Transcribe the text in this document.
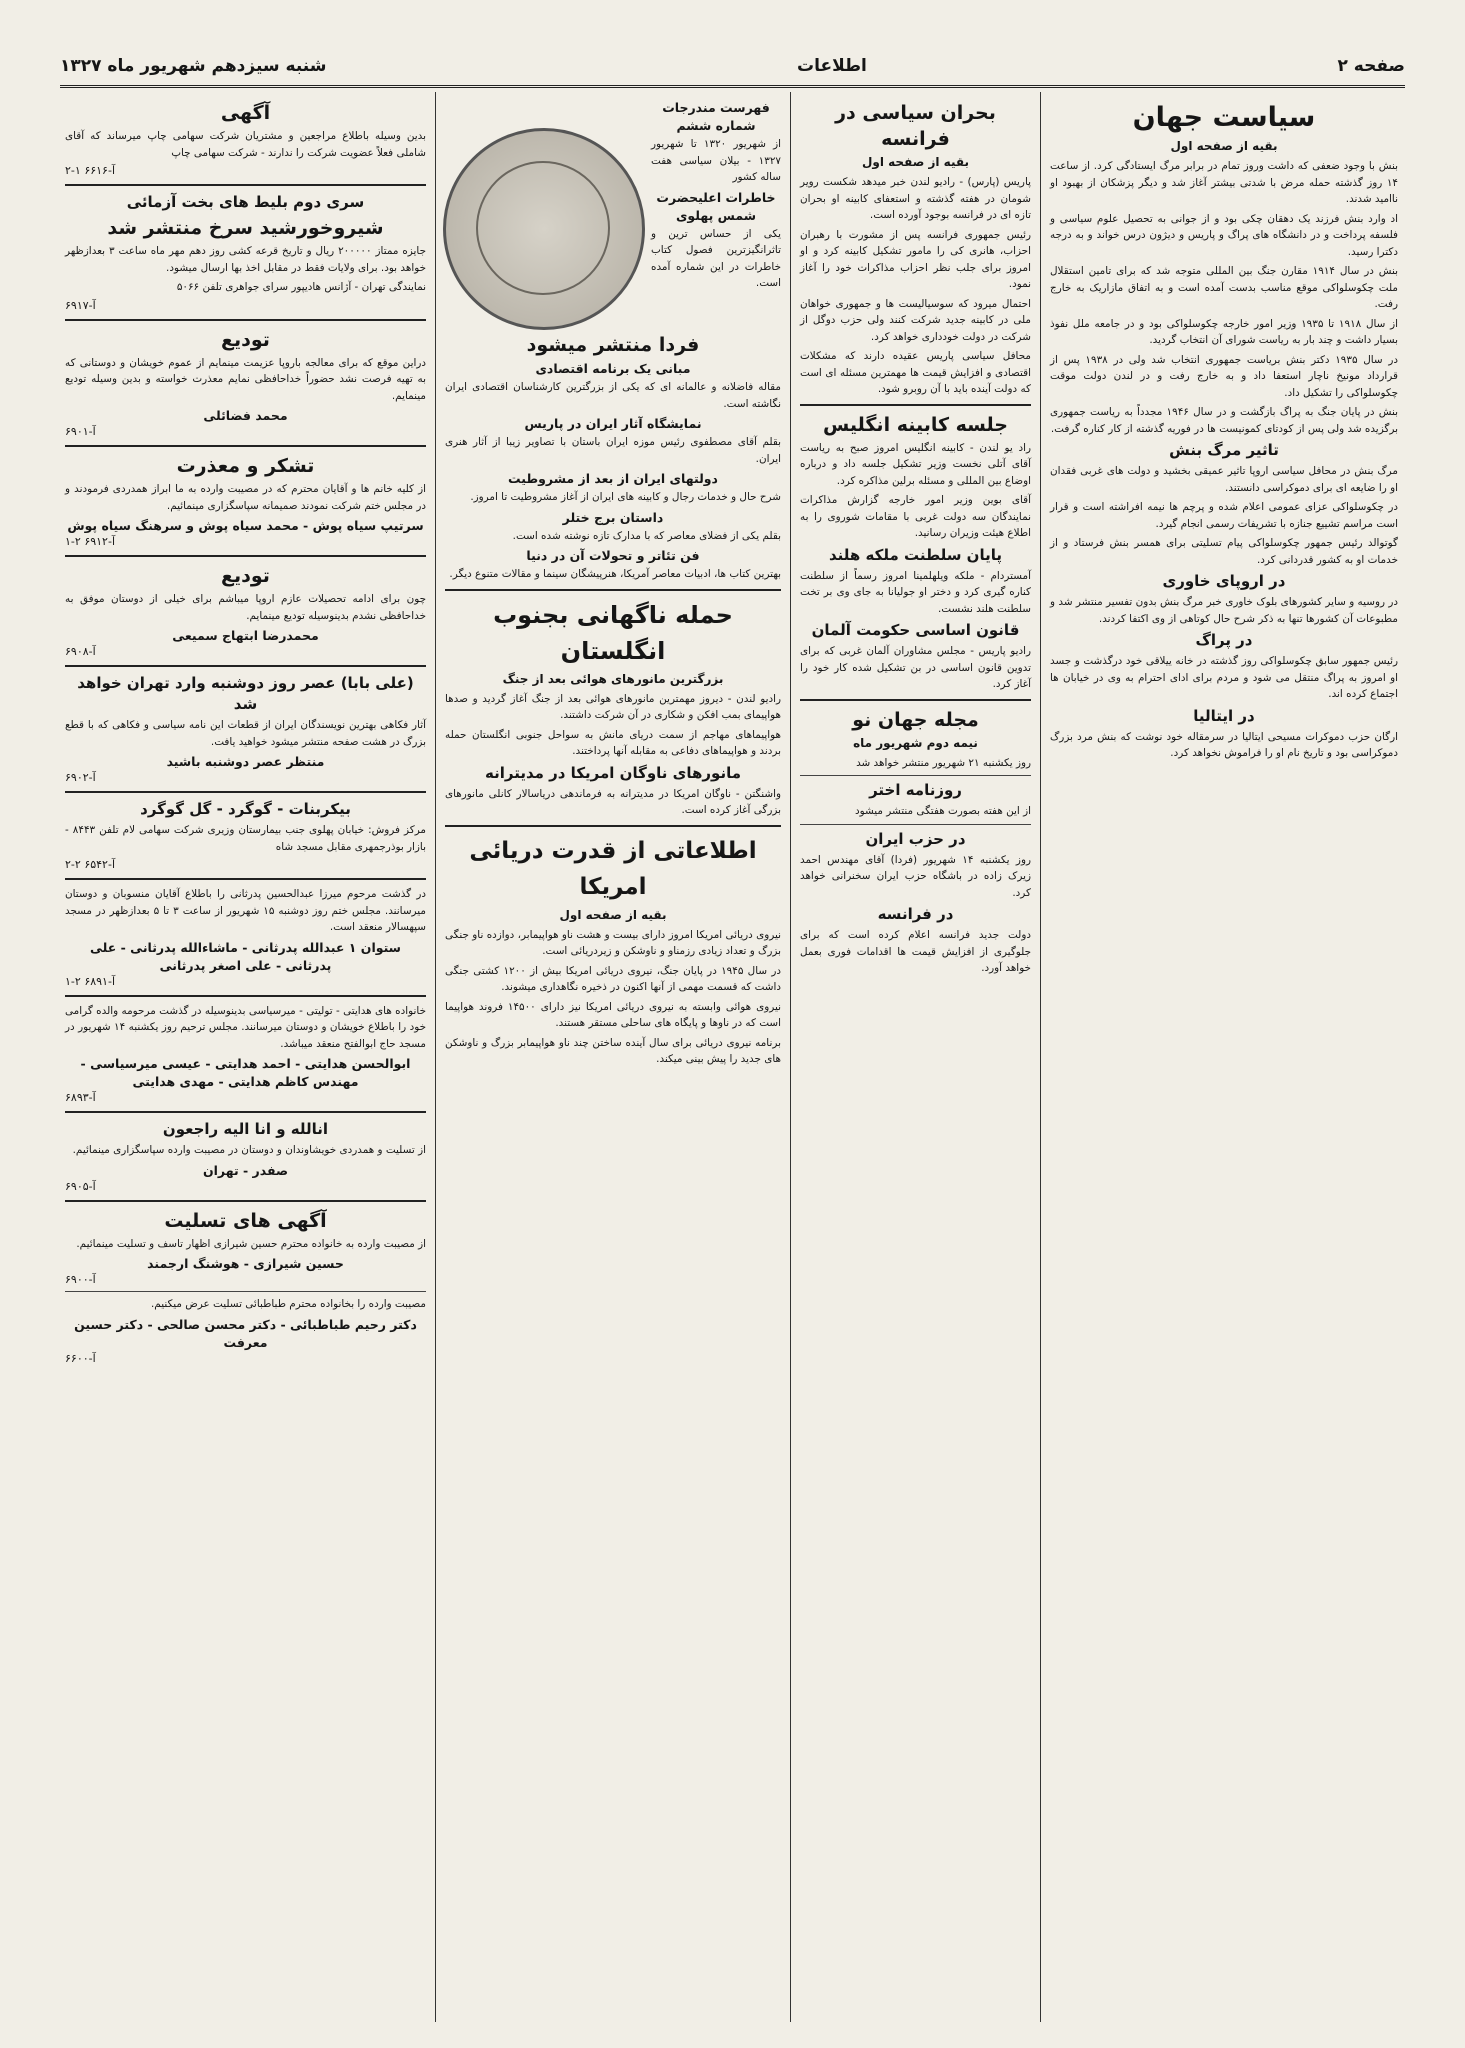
صفحه ۲
اطلاعات
شنبه سیزدهم شهریور ماه ۱۳۲۷
سیاست جهان
بقیه از صفحه اول

بنش با وجود ضعفی که داشت وروز تمام در برابر مرگ ایستادگی کرد. از ساعت ۱۴ روز گذشته حمله مرض با شدتی بیشتر آغاز شد و دیگر پزشکان از بهبود او ناامید شدند.

اد وارد بنش فرزند یک دهقان چکی بود و از جوانی به تحصیل علوم سیاسی و فلسفه پرداخت و در دانشگاه های پراگ و پاریس و دیژون درس خواند و به درجه دکترا رسید.

بنش در سال ۱۹۱۴ مقارن جنگ بین المللی متوجه شد که برای تامین استقلال ملت چکوسلواکی موقع مناسب بدست آمده است و به اتفاق مازاریک به خارج رفت.

از سال ۱۹۱۸ تا ۱۹۳۵ وزیر امور خارجه چکوسلواکی بود و در جامعه ملل نفوذ بسیار داشت و چند بار به ریاست شورای آن انتخاب گردید.

در سال ۱۹۳۵ دکتر بنش بریاست جمهوری انتخاب شد ولی در ۱۹۳۸ پس از قرارداد مونیخ ناچار استعفا داد و به خارج رفت و در لندن دولت موقت چکوسلواکی را تشکیل داد.

بنش در پایان جنگ به پراگ بازگشت و در سال ۱۹۴۶ مجدداً به ریاست جمهوری برگزیده شد ولی پس از کودتای کمونیست ها در فوریه گذشته از کار کناره گرفت.

تاثیر مرگ بنش

مرگ بنش در محافل سیاسی اروپا تاثیر عمیقی بخشید و دولت های غربی فقدان او را ضایعه ای برای دموکراسی دانستند.

در چکوسلواکی عزای عمومی اعلام شده و پرچم ها نیمه افراشته است و قرار است مراسم تشییع جنازه با تشریفات رسمی انجام گیرد.

گوتوالد رئیس جمهور چکوسلواکی پیام تسلیتی برای همسر بنش فرستاد و از خدمات او به کشور قدردانی کرد.

در اروپای خاوری

در روسیه و سایر کشورهای بلوک خاوری خبر مرگ بنش بدون تفسیر منتشر شد و مطبوعات آن کشورها تنها به ذکر شرح حال کوتاهی از وی اکتفا کردند.

در پراگ

رئیس جمهور سابق چکوسلواکی روز گذشته در خانه ییلاقی خود درگذشت و جسد او امروز به پراگ منتقل می شود و مردم برای ادای احترام به وی در خیابان ها اجتماع کرده اند.

در ایتالیا

ارگان حزب دموکرات مسیحی ایتالیا در سرمقاله خود نوشت که بنش مرد بزرگ دموکراسی بود و تاریخ نام او را فراموش نخواهد کرد.

بحران سیاسی در فرانسه
بقیه از صفحه اول

پاریس (پارس) - رادیو لندن خبر میدهد شکست رویر شومان در هفته گذشته و استعفای کابینه او بحران تازه ای در فرانسه بوجود آورده است.

رئیس جمهوری فرانسه پس از مشورت با رهبران احزاب، هانری کی را مامور تشکیل کابینه کرد و او امروز برای جلب نظر احزاب مذاکرات خود را آغاز نمود.

احتمال میرود که سوسیالیست ها و جمهوری خواهان ملی در کابینه جدید شرکت کنند ولی حزب دوگل از شرکت در دولت خودداری خواهد کرد.

محافل سیاسی پاریس عقیده دارند که مشکلات اقتصادی و افزایش قیمت ها مهمترین مسئله ای است که دولت آینده باید با آن روبرو شود.

جلسه کابینه انگلیس

راد یو لندن - کابینه انگلیس امروز صبح به ریاست آقای آتلی نخست وزیر تشکیل جلسه داد و درباره اوضاع بین المللی و مسئله برلین مذاکره کرد.

آقای بوین وزیر امور خارجه گزارش مذاکرات نمایندگان سه دولت غربی با مقامات شوروی را به اطلاع هیئت وزیران رسانید.

پایان سلطنت ملکه هلند

آمستردام - ملکه ویلهلمینا امروز رسماً از سلطنت کناره گیری کرد و دختر او جولیانا به جای وی بر تخت سلطنت هلند نشست.

قانون اساسی حکومت آلمان

رادیو پاریس - مجلس مشاوران آلمان غربی که برای تدوین قانون اساسی در بن تشکیل شده کار خود را آغاز کرد.

مجله جهان نو
نیمه دوم شهریور ماه

روز یکشنبه ۲۱ شهریور منتشر خواهد شد

روزنامه اختر

از این هفته بصورت هفتگی منتشر میشود

در حزب ایران

روز یکشنبه ۱۴ شهریور (فردا) آقای مهندس احمد زیرک زاده در باشگاه حزب ایران سخنرانی خواهد کرد.

در فرانسه

دولت جدید فرانسه اعلام کرده است که برای جلوگیری از افزایش قیمت ها اقدامات فوری بعمل خواهد آورد.

فهرست مندرجات شماره ششم

از شهریور ۱۳۲۰ تا شهریور ۱۳۲۷ - بیلان سیاسی هفت ساله کشور

خاطرات اعلیحضرت شمس پهلوی

یکی از حساس ترین و تاثرانگیزترین فصول کتاب خاطرات در این شماره آمده است.

فردا منتشر میشود
مبانی یک برنامه اقتصادی

مقاله فاضلانه و عالمانه ای که یکی از بزرگترین کارشناسان اقتصادی ایران نگاشته است.

نمایشگاه آثار ایران در پاریس

بقلم آقای مصطفوی رئیس موزه ایران باستان با تصاویر زیبا از آثار هنری ایران.

دولتهای ایران از بعد از مشروطیت

شرح حال و خدمات رجال و کابینه های ایران از آغاز مشروطیت تا امروز.

داستان برج ختلر

بقلم یکی از فضلای معاصر که با مدارک تازه نوشته شده است.

فن تئاتر و تحولات آن در دنیا

بهترین کتاب ها، ادبیات معاصر آمریکا، هنرپیشگان سینما و مقالات متنوع دیگر.

حمله ناگهانی بجنوب انگلستان
بزرگترین مانورهای هوائی بعد از جنگ

رادیو لندن - دیروز مهمترین مانورهای هوائی بعد از جنگ آغاز گردید و صدها هواپیمای بمب افکن و شکاری در آن شرکت داشتند.

هواپیماهای مهاجم از سمت دریای مانش به سواحل جنوبی انگلستان حمله بردند و هواپیماهای دفاعی به مقابله آنها پرداختند.

مانورهای ناوگان امریکا در مدیترانه

واشنگتن - ناوگان امریکا در مدیترانه به فرماندهی دریاسالار کانلی مانورهای بزرگی آغاز کرده است.

اطلاعاتی از قدرت دریائی امریکا
بقیه از صفحه اول

نیروی دریائی امریکا امروز دارای بیست و هشت ناو هواپیمابر، دوازده ناو جنگی بزرگ و تعداد زیادی رزمناو و ناوشکن و زیردریائی است.

در سال ۱۹۴۵ در پایان جنگ، نیروی دریائی امریکا بیش از ۱۲۰۰ کشتی جنگی داشت که قسمت مهمی از آنها اکنون در ذخیره نگاهداری میشوند.

نیروی هوائی وابسته به نیروی دریائی امریکا نیز دارای ۱۴۵۰۰ فروند هواپیما است که در ناوها و پایگاه های ساحلی مستقر هستند.

برنامه نیروی دریائی برای سال آینده ساختن چند ناو هواپیمابر بزرگ و ناوشکن های جدید را پیش بینی میکند.

آگهی

بدین وسیله باطلاع مراجعین و مشتریان شرکت سهامی چاپ میرساند که آقای شاملی فعلاً عضویت شرکت را ندارند - شرکت سهامی چاپ

آ-۶۶۱۶ ۱-۲
سری دوم بلیط های بخت آزمائی
شیروخورشید سرخ منتشر شد

جایزه ممتاز ۲۰۰۰۰۰ ریال و تاریخ قرعه کشی روز دهم مهر ماه ساعت ۳ بعدازظهر خواهد بود. برای ولایات فقط در مقابل اخذ بها ارسال میشود.

نمایندگی تهران - آژانس هادیپور سرای جواهری تلفن ۵۰۶۶

آ-۶۹۱۷
تودیع

دراین موقع که برای معالجه باروپا عزیمت مینمایم از عموم خویشان و دوستانی که به تهیه فرصت نشد حضوراً خداحافظی نمایم معذرت خواسته و بدین وسیله تودیع مینمایم.

محمد فضائلی
آ-۶۹۰۱
تشکر و معذرت

از کلیه خانم ها و آقایان محترم که در مصیبت وارده به ما ابراز همدردی فرمودند و در مجلس ختم شرکت نمودند صمیمانه سپاسگزاری مینمائیم.

سرتیپ سیاه پوش - محمد سیاه پوش و سرهنگ سیاه پوش
آ-۶۹۱۲ ۲-۱
تودیع

چون برای ادامه تحصیلات عازم اروپا میباشم برای خیلی از دوستان موفق به خداحافظی نشدم بدینوسیله تودیع مینمایم.

محمدرضا ابتهاج سمیعی
آ-۶۹۰۸
(علی بابا) عصر روز دوشنبه وارد تهران خواهد شد

آثار فکاهی بهترین نویسندگان ایران از قطعات این نامه سیاسی و فکاهی که با قطع بزرگ در هشت صفحه منتشر میشود خواهید یافت.

منتظر عصر دوشنبه باشید
آ-۶۹۰۲
بیکربنات - گوگرد - گل گوگرد

مرکز فروش: خیابان پهلوی جنب بیمارستان وزیری شرکت سهامی لام تلفن ۸۴۴۳ - بازار بوذرجمهری مقابل مسجد شاه

آ-۶۵۴۲ ۲-۲

در گذشت مرحوم میرزا عبدالحسین پدرثانی را باطلاع آقایان منسوبان و دوستان میرسانند. مجلس ختم روز دوشنبه ۱۵ شهریور از ساعت ۳ تا ۵ بعدازظهر در مسجد سپهسالار منعقد است.

ستوان ۱ عبدالله پدرثانی - ماشاءالله پدرثانی - علی پدرثانی - علی اصغر پدرثانی
آ-۶۸۹۱ ۲-۱

خانواده های هدایتی - تولیتی - میرسیاسی بدینوسیله در گذشت مرحومه والده گرامی خود را باطلاع خویشان و دوستان میرسانند. مجلس ترحیم روز یکشنبه ۱۴ شهریور در مسجد حاج ابوالفتح منعقد میباشد.

ابوالحسن هدایتی - احمد هدایتی - عیسی میرسیاسی - مهندس کاظم هدایتی - مهدی هدایتی
آ-۶۸۹۳
انالله و انا الیه راجعون

از تسلیت و همدردی خویشاوندان و دوستان در مصیبت وارده سپاسگزاری مینمائیم.

صفدر - تهران
آ-۶۹۰۵
آگهی های تسلیت

از مصیبت وارده به خانواده محترم حسین شیرازی اظهار تاسف و تسلیت مینمائیم.

حسین شیرازی - هوشنگ ارجمند
آ-۶۹۰۰

مصیبت وارده را بخانواده محترم طباطبائی تسلیت عرض میکنیم.

دکتر رحیم طباطبائی - دکتر محسن صالحی - دکتر حسین معرفت
آ-۶۶۰۰
